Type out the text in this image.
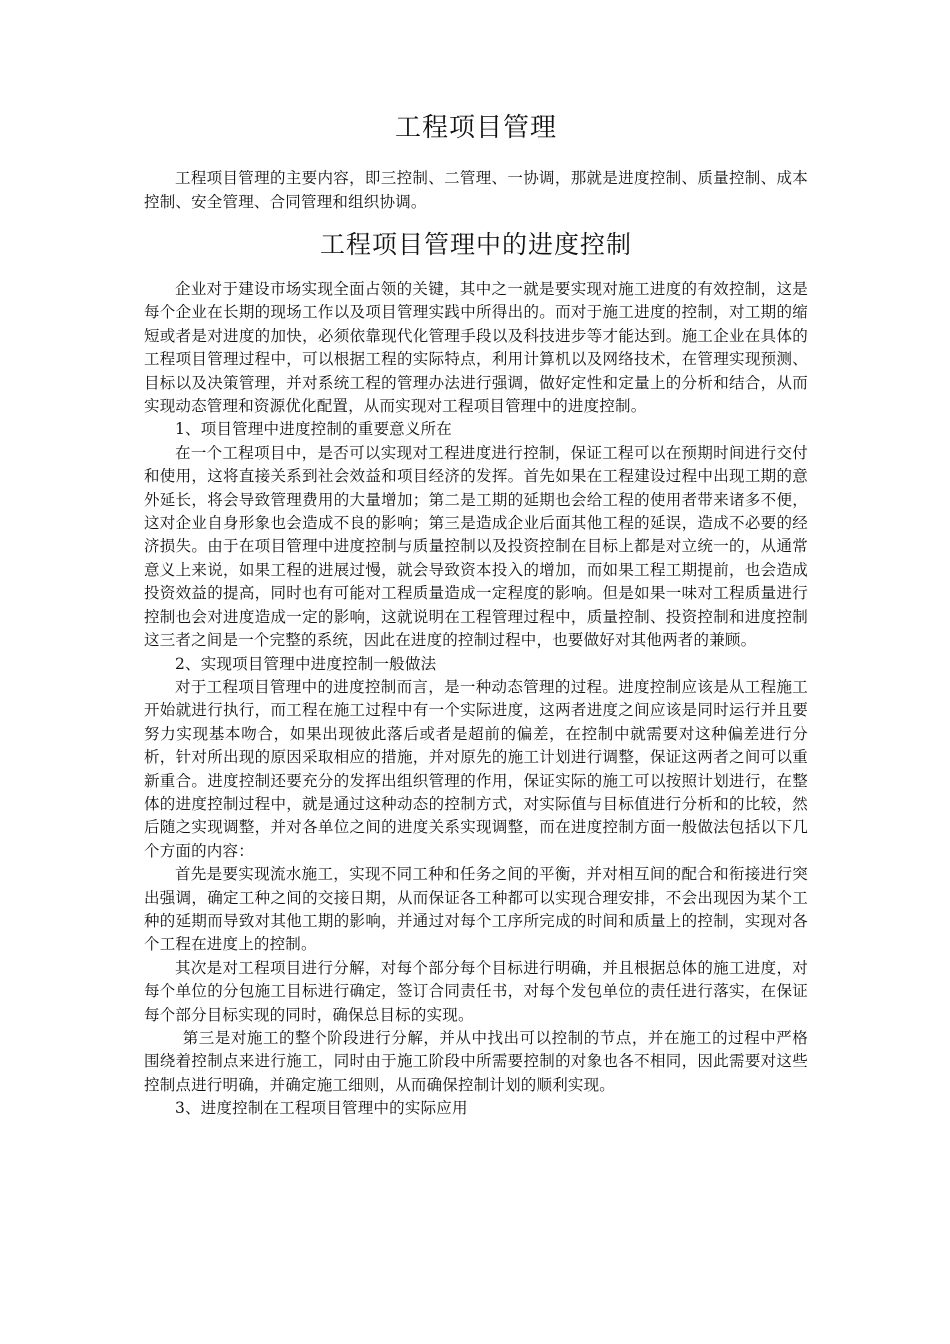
工程项目管理

工程项目管理的主要内容，即三控制、二管理、一协调，那就是进度控制、质量控制、成本控制、安全管理、合同管理和组织协调。

工程项目管理中的进度控制

企业对于建设市场实现全面占领的关键，其中之一就是要实现对施工进度的有效控制，这是每个企业在长期的现场工作以及项目管理实践中所得出的。而对于施工进度的控制，对工期的缩短或者是对进度的加快，必须依靠现代化管理手段以及科技进步等才能达到。施工企业在具体的工程项目管理过程中，可以根据工程的实际特点，利用计算机以及网络技术，在管理实现预测、目标以及决策管理，并对系统工程的管理办法进行强调，做好定性和定量上的分析和结合，从而实现动态管理和资源优化配置，从而实现对工程项目管理中的进度控制。

1、项目管理中进度控制的重要意义所在

在一个工程项目中，是否可以实现对工程进度进行控制，保证工程可以在预期时间进行交付和使用，这将直接关系到社会效益和项目经济的发挥。首先如果在工程建设过程中出现工期的意外延长，将会导致管理费用的大量增加；第二是工期的延期也会给工程的使用者带来诸多不便，这对企业自身形象也会造成不良的影响；第三是造成企业后面其他工程的延误，造成不必要的经济损失。由于在项目管理中进度控制与质量控制以及投资控制在目标上都是对立统一的，从通常意义上来说，如果工程的进展过慢，就会导致资本投入的增加，而如果工程工期提前，也会造成投资效益的提高，同时也有可能对工程质量造成一定程度的影响。但是如果一味对工程质量进行控制也会对进度造成一定的影响，这就说明在工程管理过程中，质量控制、投资控制和进度控制这三者之间是一个完整的系统，因此在进度的控制过程中，也要做好对其他两者的兼顾。

2、实现项目管理中进度控制一般做法

对于工程项目管理中的进度控制而言，是一种动态管理的过程。进度控制应该是从工程施工开始就进行执行，而工程在施工过程中有一个实际进度，这两者进度之间应该是同时运行并且要努力实现基本吻合，如果出现彼此落后或者是超前的偏差，在控制中就需要对这种偏差进行分析，针对所出现的原因采取相应的措施，并对原先的施工计划进行调整，保证这两者之间可以重新重合。进度控制还要充分的发挥出组织管理的作用，保证实际的施工可以按照计划进行，在整体的进度控制过程中，就是通过这种动态的控制方式，对实际值与目标值进行分析和的比较，然后随之实现调整，并对各单位之间的进度关系实现调整，而在进度控制方面一般做法包括以下几个方面的内容：

首先是要实现流水施工，实现不同工种和任务之间的平衡，并对相互间的配合和衔接进行突出强调，确定工种之间的交接日期，从而保证各工种都可以实现合理安排，不会出现因为某个工种的延期而导致对其他工期的影响，并通过对每个工序所完成的时间和质量上的控制，实现对各个工程在进度上的控制。

其次是对工程项目进行分解，对每个部分每个目标进行明确，并且根据总体的施工进度，对每个单位的分包施工目标进行确定，签订合同责任书，对每个发包单位的责任进行落实，在保证每个部分目标实现的同时，确保总目标的实现。

第三是对施工的整个阶段进行分解，并从中找出可以控制的节点，并在施工的过程中严格围绕着控制点来进行施工，同时由于施工阶段中所需要控制的对象也各不相同，因此需要对这些控制点进行明确，并确定施工细则，从而确保控制计划的顺利实现。

3、进度控制在工程项目管理中的实际应用
